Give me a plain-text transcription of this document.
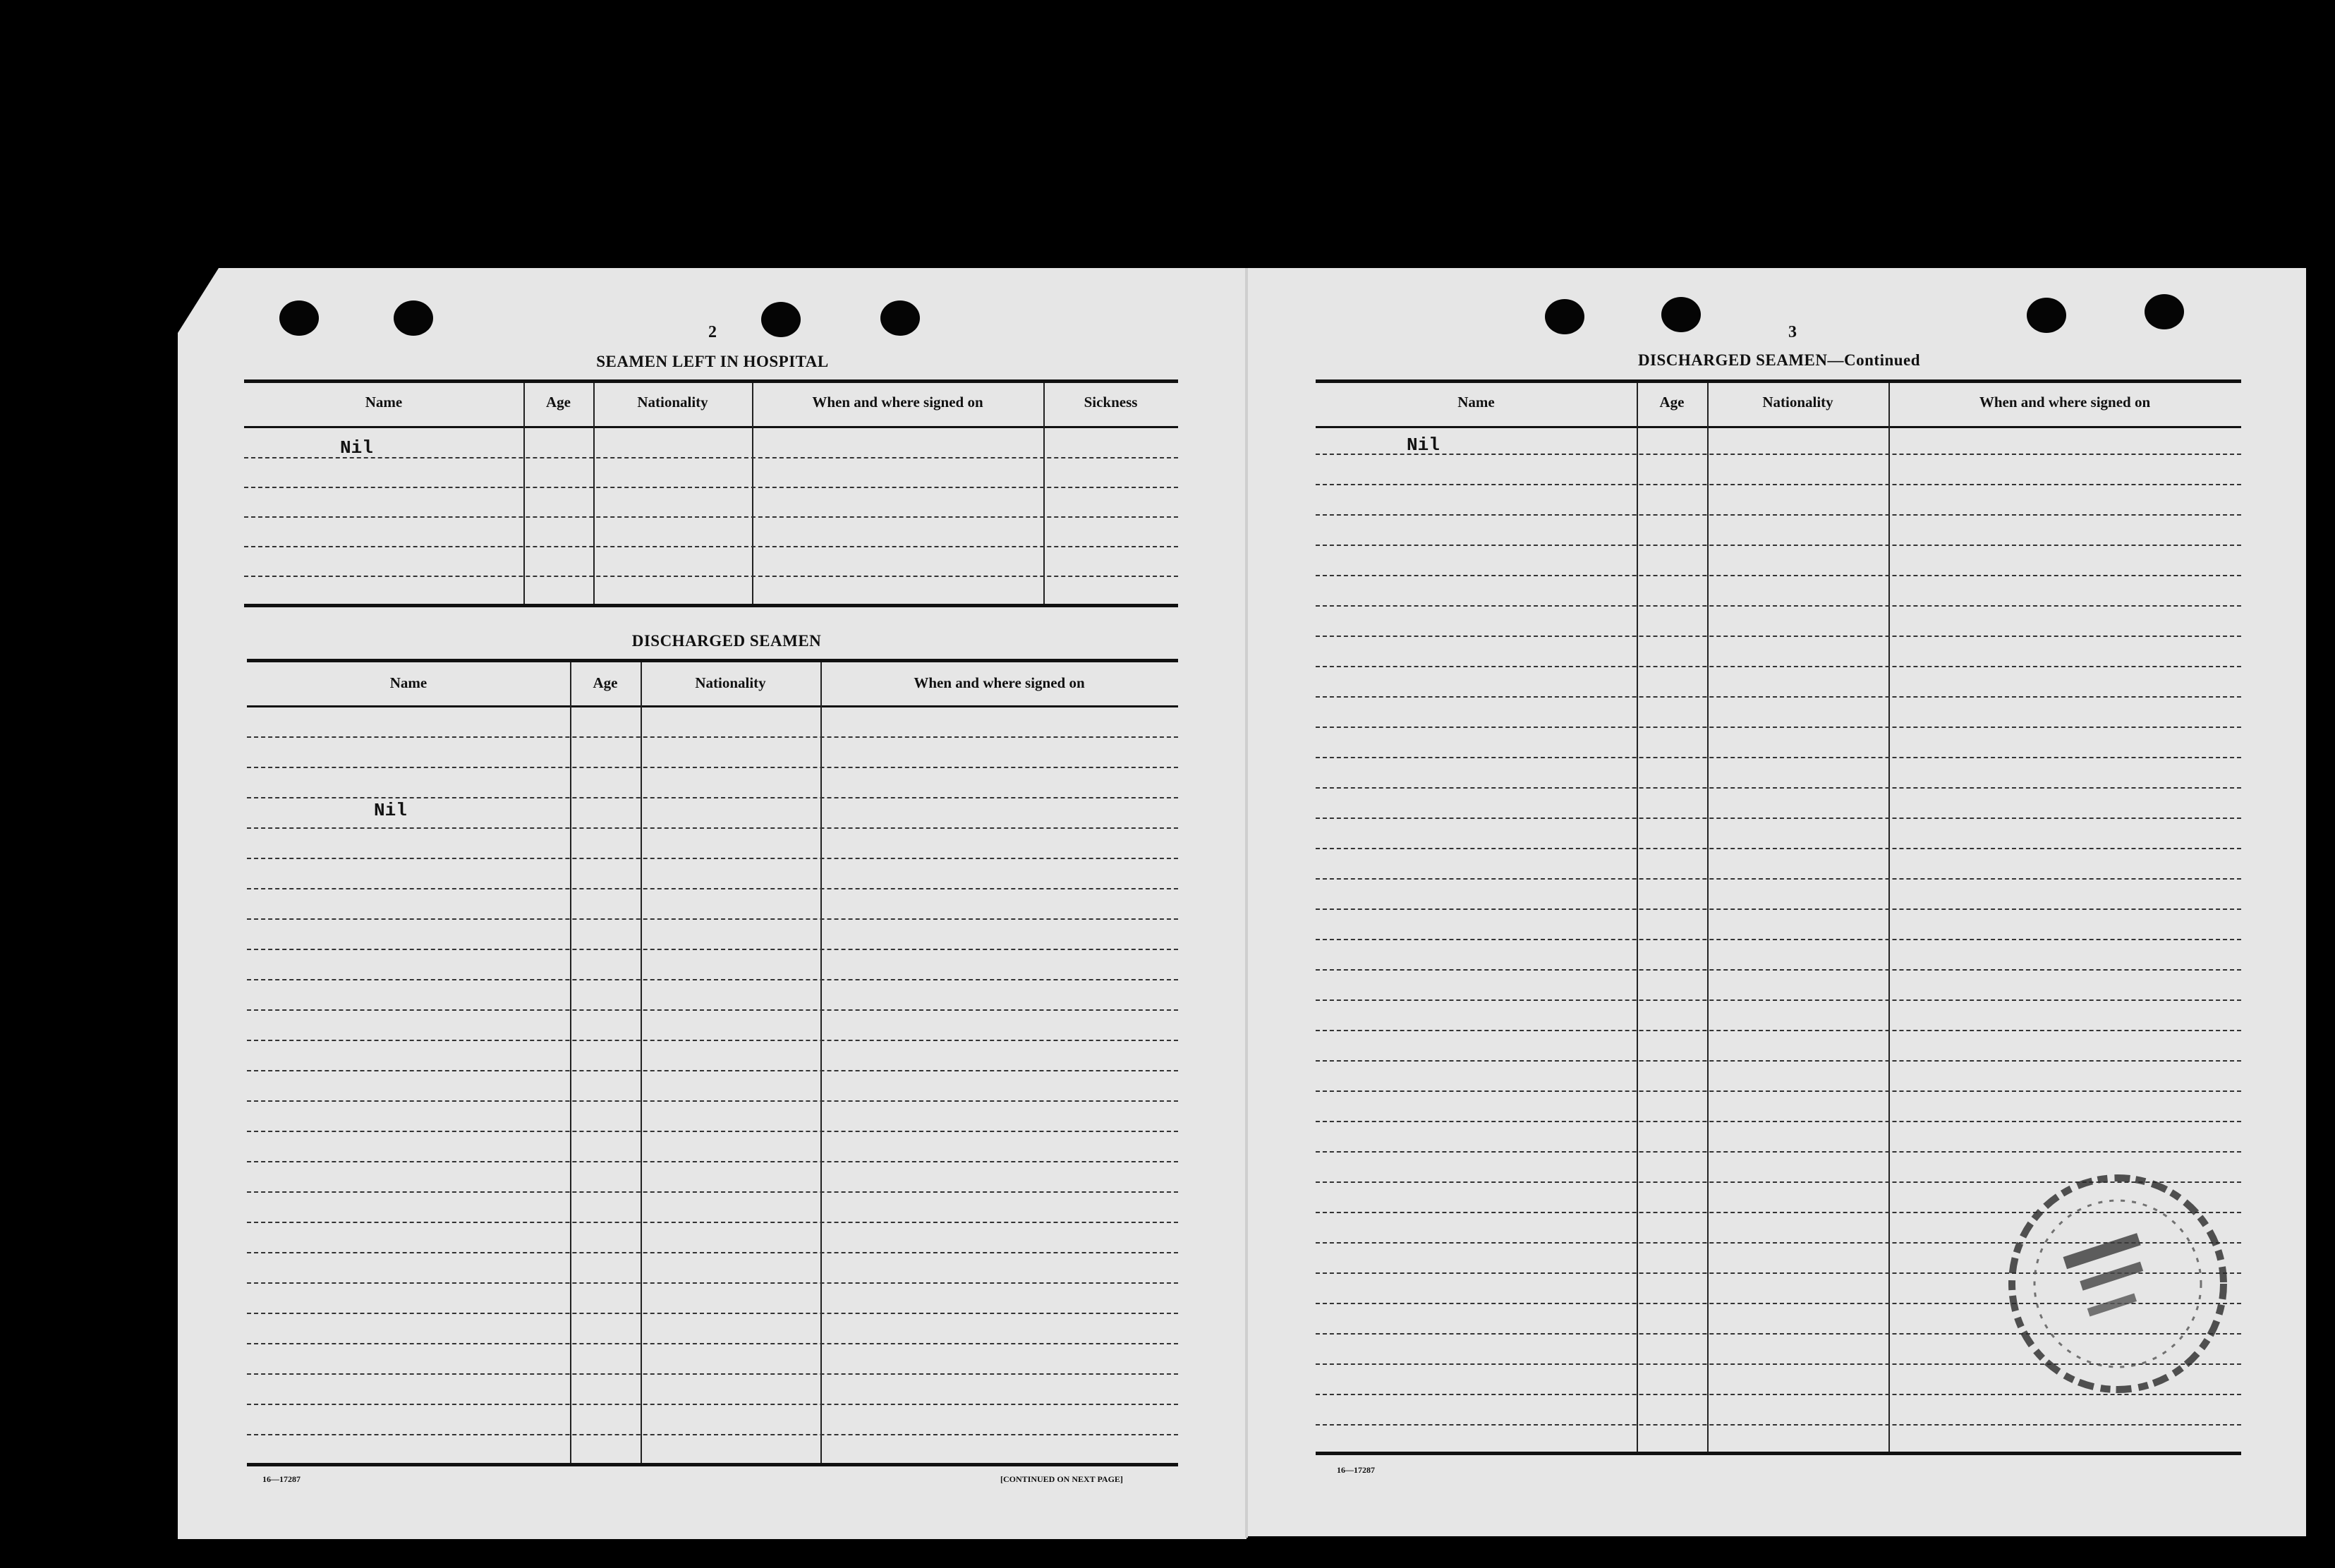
2
SEAMEN LEFT IN HOSPITAL
Name	Age	Nationality	When and where signed on	Sickness
Nil
DISCHARGED SEAMEN
Name	Age	Nationality	When and where signed on
Nil
16—17287	[CONTINUED ON NEXT PAGE]
3
DISCHARGED SEAMEN—Continued
Name	Age	Nationality	When and where signed on
Nil
16—17287
